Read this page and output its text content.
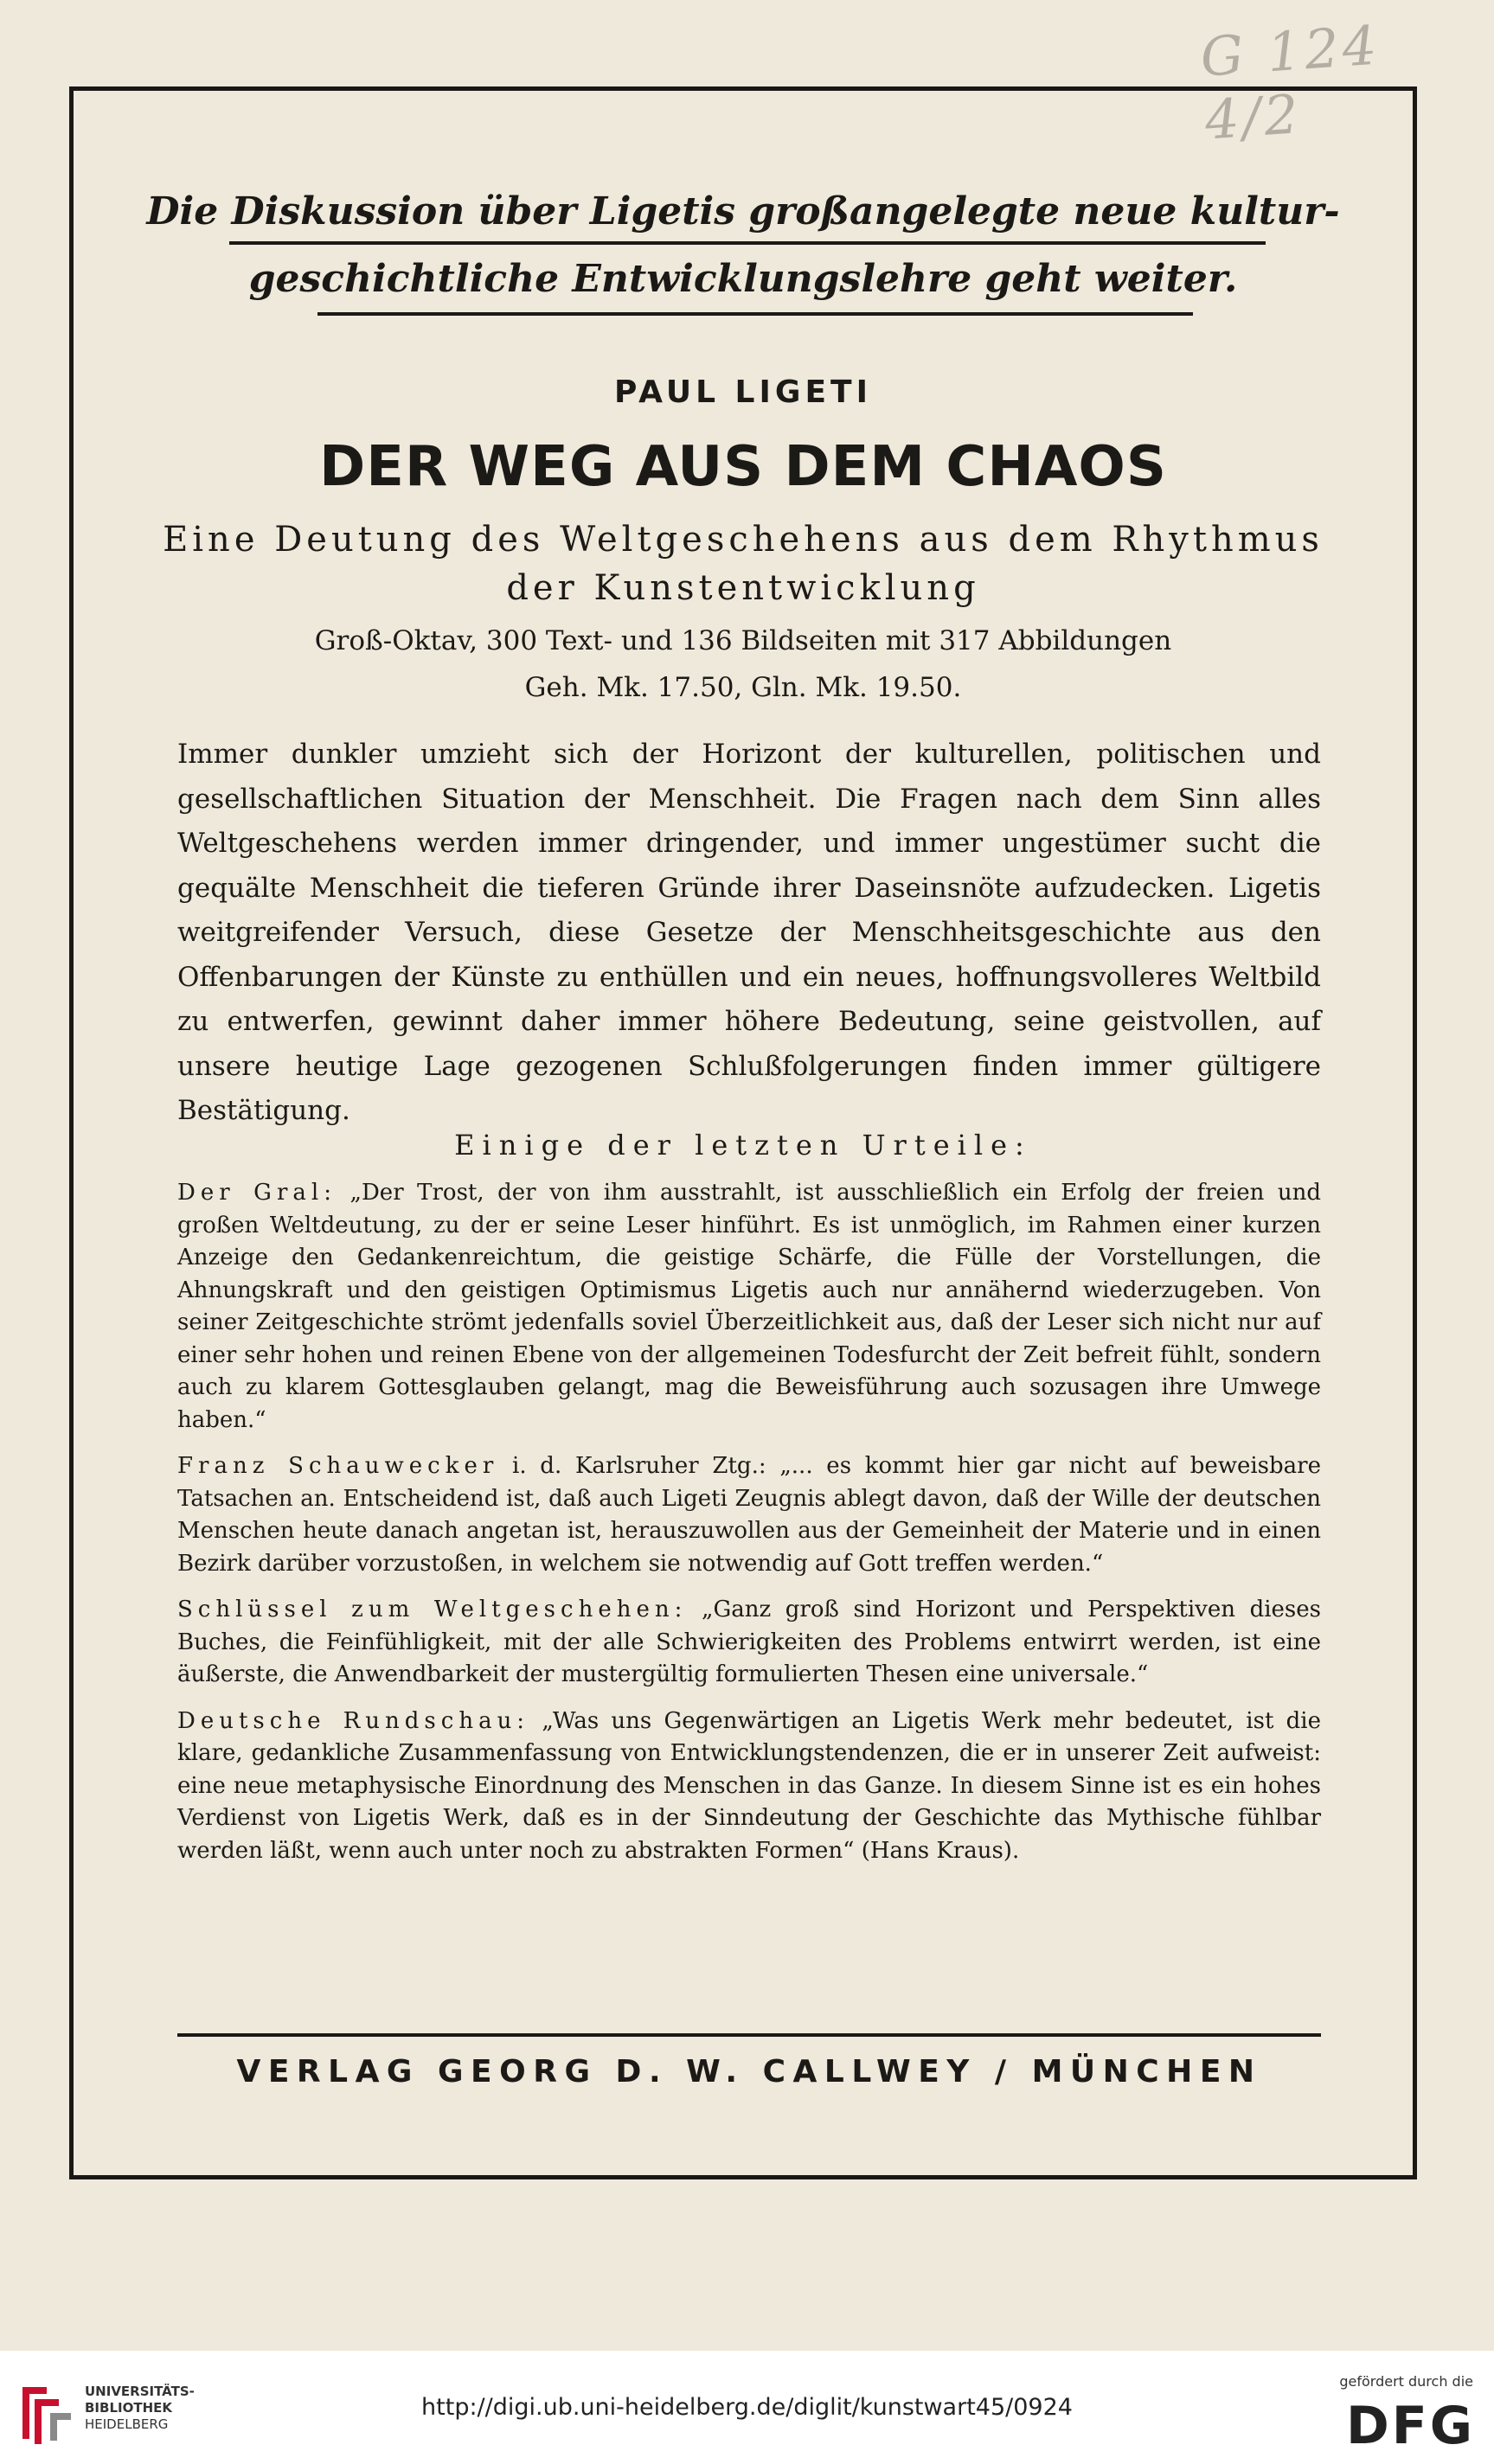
G 124 4/2
Die Diskussion über Ligetis großangelegte neue kultur-
geschichtliche Entwicklungslehre geht weiter.
PAUL LIGETI
DER WEG AUS DEM CHAOS
Eine Deutung des Weltgeschehens aus dem Rhythmus
der Kunstentwicklung
Groß-Oktav, 300 Text- und 136 Bildseiten mit 317 Abbildungen
Geh. Mk. 17.50, Gln. Mk. 19.50.
Immer dunkler umzieht sich der Horizont der kulturellen, politischen und gesellschaftlichen Situation der Menschheit. Die Fragen nach dem Sinn alles Weltgeschehens werden immer dringender, und immer ungestümer sucht die gequälte Menschheit die tieferen Gründe ihrer Daseinsnöte aufzudecken. Ligetis weitgreifender Versuch, diese Gesetze der Menschheitsgeschichte aus den Offenbarungen der Künste zu enthüllen und ein neues, hoffnungsvolleres Weltbild zu entwerfen, gewinnt daher immer höhere Bedeutung, seine geistvollen, auf unsere heutige Lage gezogenen Schlußfolgerungen finden immer gültigere Bestätigung.
Einige der letzten Urteile:

Der Gral: „Der Trost, der von ihm ausstrahlt, ist ausschließlich ein Erfolg der freien und großen Weltdeutung, zu der er seine Leser hinführt. Es ist unmöglich, im Rahmen einer kurzen Anzeige den Gedankenreichtum, die geistige Schärfe, die Fülle der Vorstellungen, die Ahnungskraft und den geistigen Optimismus Ligetis auch nur annähernd wiederzugeben. Von seiner Zeitgeschichte strömt jedenfalls soviel Überzeitlichkeit aus, daß der Leser sich nicht nur auf einer sehr hohen und reinen Ebene von der allgemeinen Todesfurcht der Zeit befreit fühlt, sondern auch zu klarem Gottesglauben gelangt, mag die Beweisführung auch sozusagen ihre Umwege haben.“

Franz Schauwecker i. d. Karlsruher Ztg.: „... es kommt hier gar nicht auf beweisbare Tatsachen an. Entscheidend ist, daß auch Ligeti Zeugnis ablegt davon, daß der Wille der deutschen Menschen heute danach angetan ist, herauszuwollen aus der Gemeinheit der Materie und in einen Bezirk darüber vorzustoßen, in welchem sie notwendig auf Gott treffen werden.“

Schlüssel zum Weltgeschehen: „Ganz groß sind Horizont und Perspektiven dieses Buches, die Feinfühligkeit, mit der alle Schwierigkeiten des Problems entwirrt werden, ist eine äußerste, die Anwendbarkeit der mustergültig formulierten Thesen eine universale.“

Deutsche Rundschau: „Was uns Gegenwärtigen an Ligetis Werk mehr bedeutet, ist die klare, gedankliche Zusammenfassung von Entwicklungstendenzen, die er in unserer Zeit aufweist: eine neue metaphysische Einordnung des Menschen in das Ganze. In diesem Sinne ist es ein hohes Verdienst von Ligetis Werk, daß es in der Sinndeutung der Geschichte das Mythische fühlbar werden läßt, wenn auch unter noch zu abstrakten Formen“ (Hans Kraus).

VERLAG GEORG D. W. CALLWEY / MÜNCHEN
UNIVERSITÄTS-
BIBLIOTHEK
HEIDELBERG
http://digi.ub.uni-heidelberg.de/diglit/kunstwart45/0924
gefördert durch die
DFG
